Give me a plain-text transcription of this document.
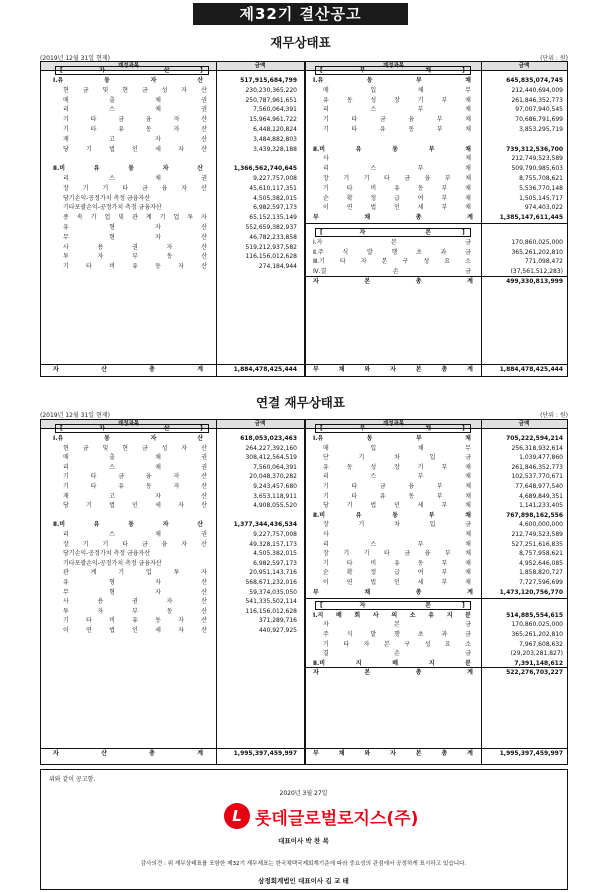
제32기 결산공고
재무상태표
(2019년 12월 31일 현재)	(단위 : 원)
계정과목	금액	계정과목	금액
[	자	산	]
Ⅰ.유	동	자	산	517,915,684,799
현 금 및 현 금 성 자 산	230,230,365,220
매	출	채	권	250,787,961,651
리	스	채	권	7,560,064,391
기	타	금	융	자	산	15,964,961,722
기	타	유	동	자	산	6,448,120,824
재	고	자	산	3,484,882,803
당	기	법	인	세	자	산	3,439,328,188
Ⅱ.비	유	동	자	산	1,366,562,740,645
리	스	채	권	9,227,757,008
장 기 기 타 금 융 자 산	45,610,117,351
당기손익-공정가치 측정 금융자산	4,505,382,015
기타포괄손익-공정가치 측정 금융자산	6,982,597,173
종 속 기 업 및 관 계 기 업 투 자	65,152,135,149
유	형	자	산	552,659,382,937
무	형	자	산	46,782,233,858
사	용	권	자	산	519,212,937,582
투	자	부	동	산	116,156,012,628
기	타	비	유	동	자	산	274,184,944
[	부	채	]
Ⅰ.유	동	부	채	645,835,074,745
매	입	채	무	212,440,694,009
유	동	성	장	기	부	채	261,846,352,773
리	스	부	채	97,007,940,545
기	타	금	융	부	채	70,686,791,699
기	타	유	동	부	채	3,853,295,719
Ⅱ.비	유	동	부	채	739,312,536,700
사	채	212,749,523,589
리	스	부	채	509,790,985,603
장 기 기 타 금 융 부 채	8,755,708,621
기	타	비	유	동	부	채	5,536,770,148
순	확	정	급	여	부	채	1,505,145,717
이	연	법	인	세	부	채	974,403,022
부	채	총	계	1,385,147,611,445
[	자	본	]
Ⅰ.자	본	금	170,860,025,000
Ⅱ.주	식	발	행	초	과	금	365,261,202,810
Ⅲ.기	타	자	본	구	성	요	소	771,098,472
Ⅳ.결	손	금	(37,561,512,283)
자	본	총	계	499,330,813,999
자	산	총	계	1,884,478,425,444	부	채	와	자	본	총	계	1,884,478,425,444
연결 재무상태표
(2019년 12월 31일 현재)	(단위 : 원)
계정과목	금액	계정과목	금액
[	자	산	]
Ⅰ.유	동	자	산	618,053,023,463
현 금 및 현 금 성 자 산	264,227,392,160
매	출	채	권	308,412,564,519
리	스	채	권	7,560,064,391
기	타	금	융	자	산	20,048,370,282
기	타	유	동	자	산	9,243,457,680
재	고	자	산	3,653,118,911
당	기	법	인	세	자	산	4,908,055,520
Ⅱ.비	유	동	자	산	1,377,344,436,534
리	스	채	권	9,227,757,008
장 기 기 타 금 융 자 산	49,328,157,173
당기손익-공정가치 측정 금융자산	4,505,382,015
기타포괄손익-공정가치 측정 금융자산	6,982,597,173
관	계	기	업	투	자	20,951,143,716
유	형	자	산	568,671,232,016
무	형	자	산	59,374,035,050
사	용	권	자	산	541,335,502,114
투	자	부	동	산	116,156,012,628
기	타	비	유	동	자	산	371,289,716
이	연	법	인	세	자	산	440,927,925
[	부	채	]
Ⅰ.유	동	부	채	705,222,594,214
매	입	채	무	256,318,932,614
단	기	차	입	금	1,039,477,860
유	동	성	장	기	부	채	261,846,352,773
리	스	부	채	102,537,770,671
기	타	금	융	부	채	77,648,977,540
기	타	유	동	부	채	4,689,849,351
당	기	법	인	세	부	채	1,141,233,405
Ⅱ.비	유	동	부	채	767,898,162,556
장	기	차	입	금	4,600,000,000
사	채	212,749,523,589
리	스	부	채	527,251,616,835
장 기 기 타 금 융 부 채	8,757,958,621
기	타	비	유	동	부	채	4,952,646,085
순	확	정	급	여	부	채	1,858,820,727
이	연	법	인	세	부	채	7,727,596,699
부	채	총	계	1,473,120,756,770
[	자	본	]
Ⅰ.지 배 회 사 의 소 유 지 분	514,885,554,615
자	본	금	170,860,025,000
주	식	발	행	초	과	금	365,261,202,810
기 타 자 본 구 성 요 소	7,967,608,632
결	손	금	(29,203,281,827)
Ⅱ.비	지	배	지	분	7,391,148,612
자	본	총	계	522,276,703,227
자	산	총	계	1,995,397,459,997	부	채	와	자	본	총	계	1,995,397,459,997
위와 같이 공고함.
2020년 3월 27일
L 롯데글로벌로지스(주)
대표이사 박 찬 복
감사의견 : 위 재무상태표를 포함한 제32기 재무제표는 한국채택국제회계기준에 따라 중요성의 관점에서 공정하게 표시하고 있습니다.
삼정회계법인 대표이사 김 교 태
